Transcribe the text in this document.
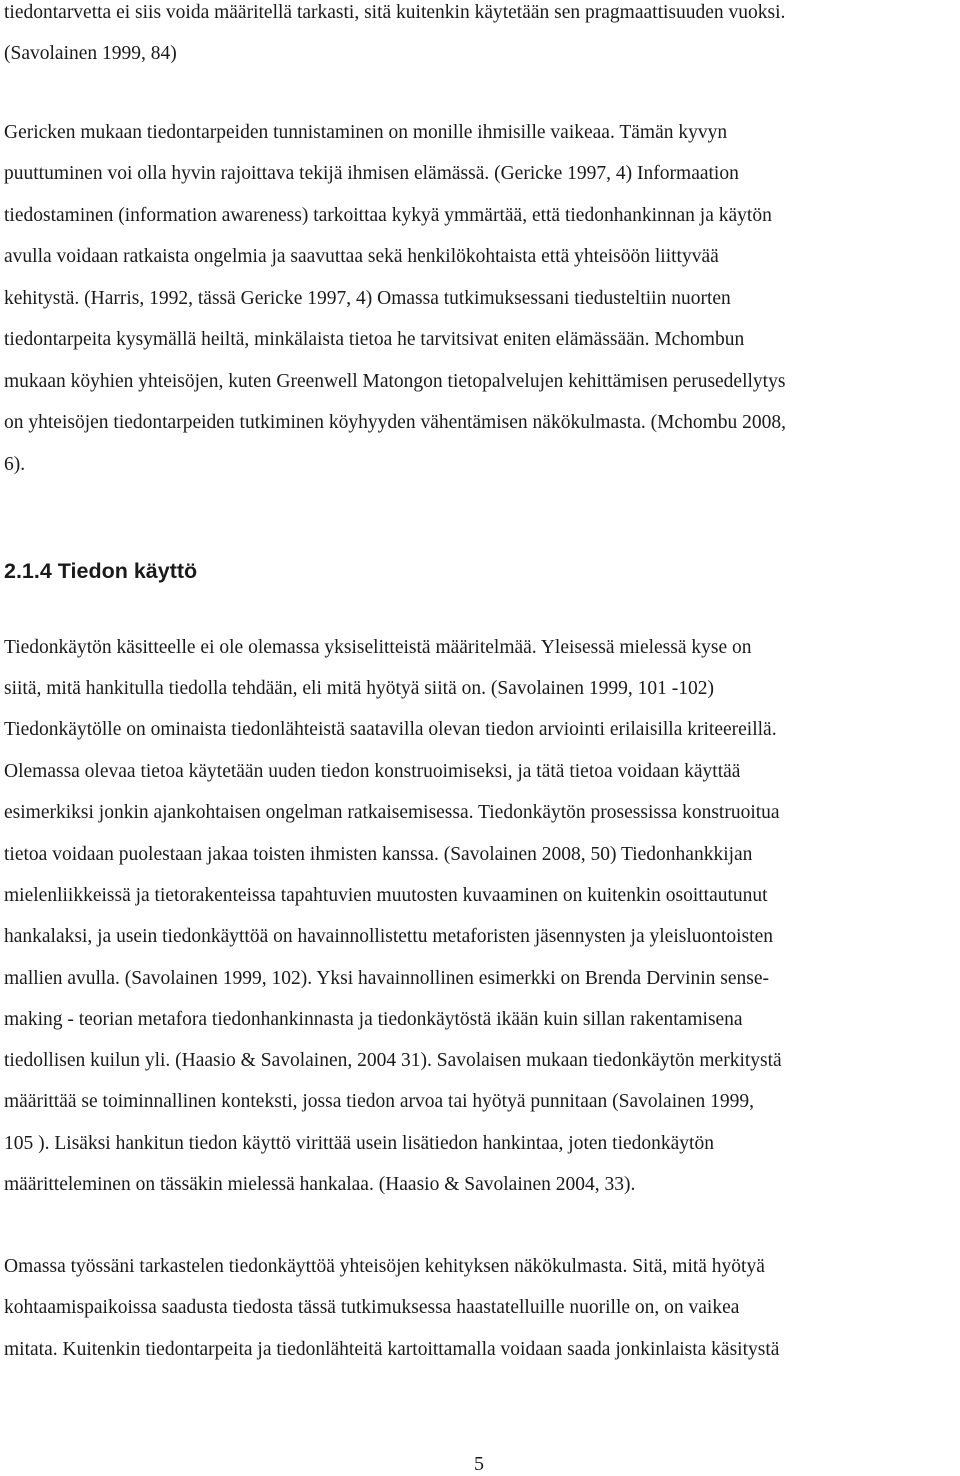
tiedontarvetta ei siis voida määritellä tarkasti, sitä kuitenkin käytetään sen pragmaattisuuden vuoksi.
(Savolainen 1999, 84)
Gericken mukaan tiedontarpeiden tunnistaminen on monille ihmisille vaikeaa. Tämän kyvyn
puuttuminen voi olla hyvin rajoittava tekijä ihmisen elämässä. (Gericke 1997, 4) Informaation
tiedostaminen (information awareness) tarkoittaa kykyä ymmärtää, että tiedonhankinnan ja käytön
avulla voidaan ratkaista ongelmia ja saavuttaa sekä henkilökohtaista että yhteisöön liittyvää
kehitystä. (Harris, 1992, tässä Gericke 1997, 4) Omassa tutkimuksessani tiedusteltiin nuorten
tiedontarpeita kysymällä heiltä, minkälaista tietoa he tarvitsivat eniten elämässään. Mchombun
mukaan köyhien yhteisöjen, kuten Greenwell Matongon tietopalvelujen kehittämisen perusedellytys
on yhteisöjen tiedontarpeiden tutkiminen köyhyyden vähentämisen näkökulmasta. (Mchombu 2008,
6).
2.1.4 Tiedon käyttö
Tiedonkäytön käsitteelle ei ole olemassa yksiselitteistä määritelmää. Yleisessä mielessä kyse on
siitä, mitä hankitulla tiedolla tehdään, eli mitä hyötyä siitä on. (Savolainen 1999, 101 -102)
Tiedonkäytölle on ominaista tiedonlähteistä saatavilla olevan tiedon arviointi erilaisilla kriteereillä.
Olemassa olevaa tietoa käytetään uuden tiedon konstruoimiseksi, ja tätä tietoa voidaan käyttää
esimerkiksi jonkin ajankohtaisen ongelman ratkaisemisessa. Tiedonkäytön prosessissa konstruoitua
tietoa voidaan puolestaan jakaa toisten ihmisten kanssa. (Savolainen 2008, 50) Tiedonhankkijan
mielenliikkeissä ja tietorakenteissa tapahtuvien muutosten kuvaaminen on kuitenkin osoittautunut
hankalaksi, ja usein tiedonkäyttöä on havainnollistettu metaforisten jäsennysten ja yleisluontoisten
mallien avulla. (Savolainen 1999, 102). Yksi havainnollinen esimerkki on Brenda Dervinin sense-
making - teorian metafora tiedonhankinnasta ja tiedonkäytöstä ikään kuin sillan rakentamisena
tiedollisen kuilun yli. (Haasio & Savolainen, 2004 31). Savolaisen mukaan tiedonkäytön merkitystä
määrittää se toiminnallinen konteksti, jossa tiedon arvoa tai hyötyä punnitaan (Savolainen 1999,
105 ). Lisäksi hankitun tiedon käyttö virittää usein lisätiedon hankintaa, joten tiedonkäytön
määritteleminen on tässäkin mielessä hankalaa. (Haasio & Savolainen 2004, 33).
Omassa työssäni tarkastelen tiedonkäyttöä yhteisöjen kehityksen näkökulmasta. Sitä, mitä hyötyä
kohtaamispaikoissa saadusta tiedosta tässä tutkimuksessa haastatelluille nuorille on, on vaikea
mitata. Kuitenkin tiedontarpeita ja tiedonlähteitä kartoittamalla voidaan saada jonkinlaista käsitystä
5
